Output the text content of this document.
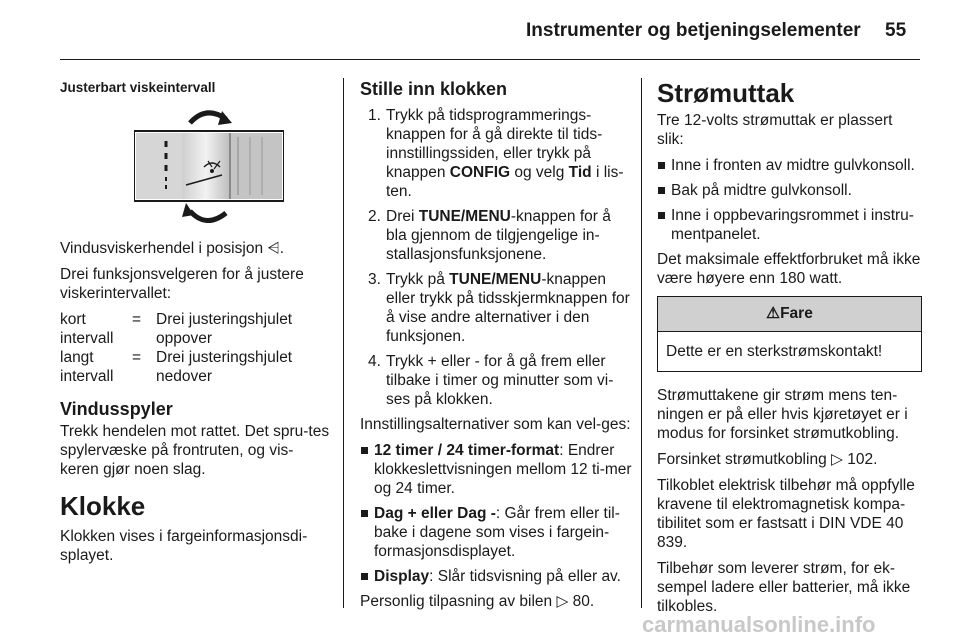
Instrumenter og betjeningselementer 55
Justerbart viskeintervall

Vindusviskerhendel i posisjon ⩤.

Drei funksjonsvelgeren for å justere viskerintervallet:

kort intervall
= Drei justeringshjulet oppover
langt intervall
= Drei justeringshjulet nedover
Vindusspyler

Trekk hendelen mot rattet. Det spru-tes spylervæske på frontruten, og vis-keren gjør noen slag.

Klokke

Klokken vises i fargeinformasjonsdi-splayet.

Stille inn klokken
1. Trykk på tidsprogrammerings-knappen for å gå direkte til tids-innstillingssiden, eller trykk på knappen CONFIG og velg Tid i lis-ten.
2. Drei TUNE/MENU-knappen for å bla gjennom de tilgjengelige in-stallasjonsfunksjonene.
3. Trykk på TUNE/MENU-knappen eller trykk på tidsskjermknappen for å vise andre alternativer i den funksjonen.
4. Trykk + eller - for å gå frem eller tilbake i timer og minutter som vi-ses på klokken.

Innstillingsalternativer som kan vel-ges:

12 timer / 24 timer-format: Endrer klokkeslettvisningen mellom 12 ti-mer og 24 timer.
Dag + eller Dag -: Går frem eller til-bake i dagene som vises i fargein-formasjonsdisplayet.
Display: Slår tidsvisning på eller av.

Personlig tilpasning av bilen ▷ 80.

Strømuttak

Tre 12-volts strømuttak er plassert slik:

Inne i fronten av midtre gulvkonsoll.
Bak på midtre gulvkonsoll.
Inne i oppbevaringsrommet i instru-mentpanelet.

Det maksimale effektforbruket må ikke være høyere enn 180 watt.

⚠Fare
Dette er en sterkstrømskontakt!

Strømuttakene gir strøm mens ten-ningen er på eller hvis kjøretøyet er i modus for forsinket strømutkobling.

Forsinket strømutkobling ▷ 102.

Tilkoblet elektrisk tilbehør må oppfylle kravene til elektromagnetisk kompa-tibilitet som er fastsatt i DIN VDE 40 839.

Tilbehør som leverer strøm, for ek-sempel ladere eller batterier, må ikke tilkobles.

carmanualsonline.info
